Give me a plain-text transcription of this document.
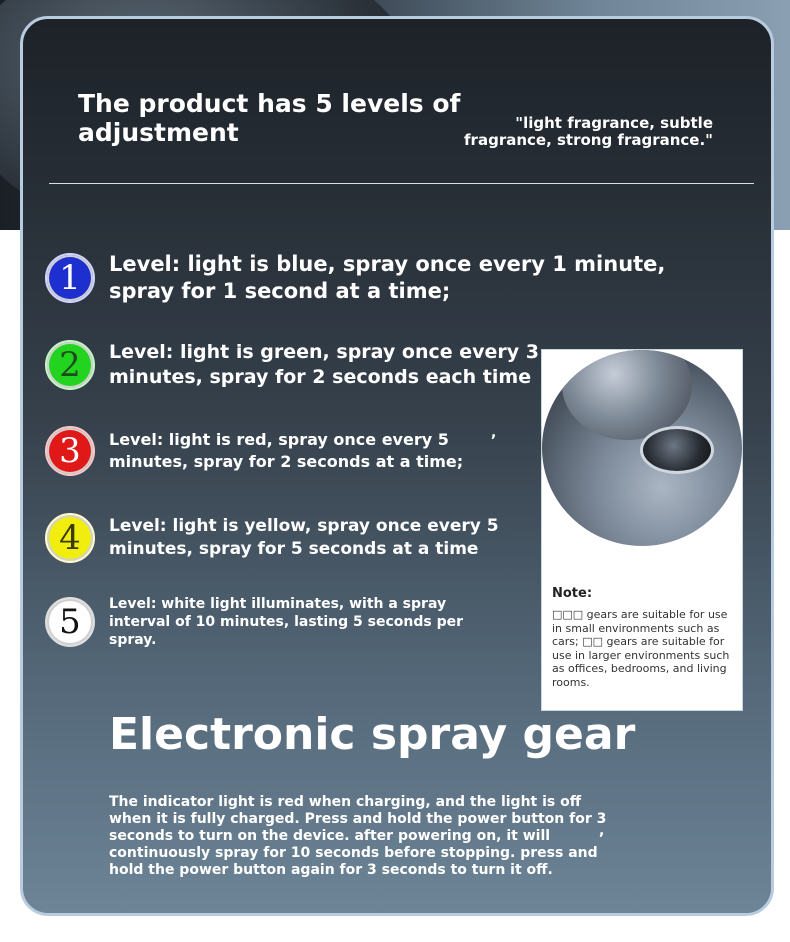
The product has 5 levels of adjustment	"light fragrance, subtle fragrance, strong fragrance."
1	Level: light is blue, spray once every 1 minute, spray for 1 second at a time;
2	Level: light is green, spray once every 3 minutes, spray for 2 seconds each time
3	Level: light is red, spray once every 5 minutes, spray for 2 seconds at a time;
4	Level: light is yellow, spray once every 5 minutes, spray for 5 seconds at a time
5	Level: white light illuminates, with a spray interval of 10 minutes, lasting 5 seconds per spray.
,
Note:
□□□ gears are suitable for use in small environments such as cars; □□ gears are suitable for use in larger environments such as offices, bedrooms, and living rooms.
Electronic spray gear
The indicator light is red when charging, and the light is off when it is fully charged. Press and hold the power button for 3 seconds to turn on the device. after powering on, it will continuously spray for 10 seconds before stopping. press and hold the power button again for 3 seconds to turn it off.
,
